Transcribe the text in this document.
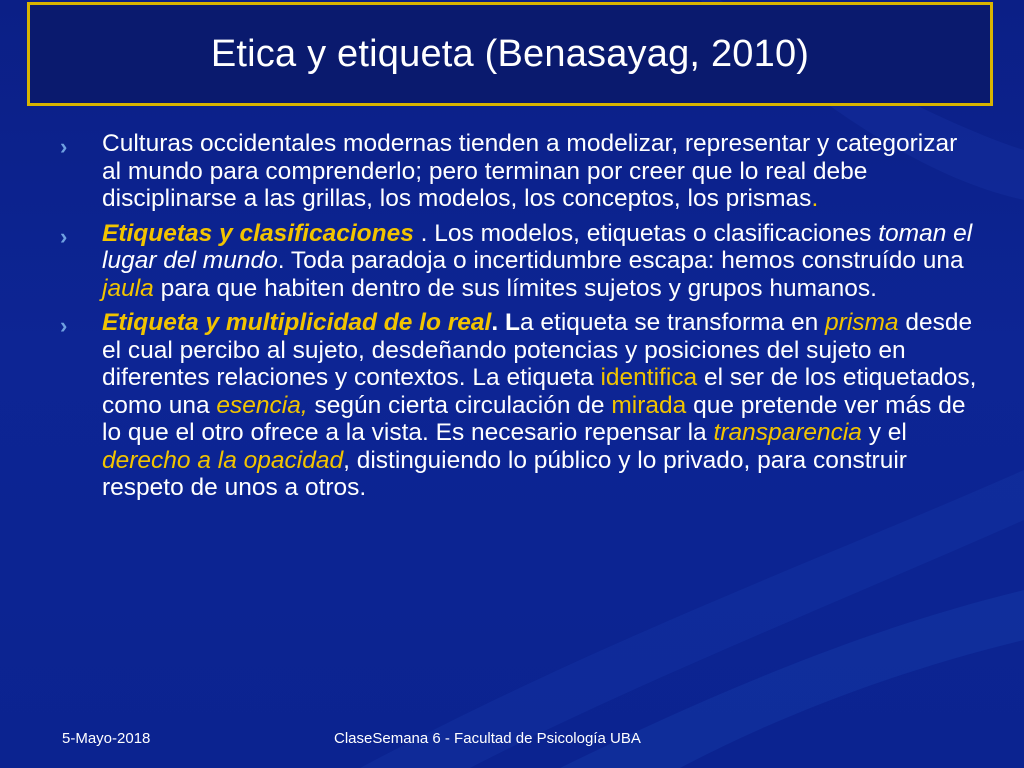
Etica y etiqueta (Benasayag, 2010)
› Culturas occidentales modernas tienden a modelizar, representar y categorizar al mundo para comprenderlo; pero terminan por creer que lo real debe disciplinarse a las grillas, los modelos, los conceptos, los prismas.
› Etiquetas y clasificaciones . Los modelos, etiquetas o clasificaciones toman el lugar del mundo. Toda paradoja o incertidumbre escapa: hemos construído una jaula para que habiten dentro de sus límites sujetos y grupos humanos.
› Etiqueta y multiplicidad de lo real. La etiqueta se transforma en prisma desde el cual percibo al sujeto, desdeñando potencias y posiciones del sujeto en diferentes relaciones y contextos. La etiqueta identifica el ser de los etiquetados, como una esencia, según cierta circulación de mirada que pretende ver más de lo que el otro ofrece a la vista. Es necesario repensar la transparencia y el derecho a la opacidad, distinguiendo lo público y lo privado, para construir respeto de unos a otros.
5-Mayo-2018	ClaseSemana 6 - Facultad de Psicología UBA
